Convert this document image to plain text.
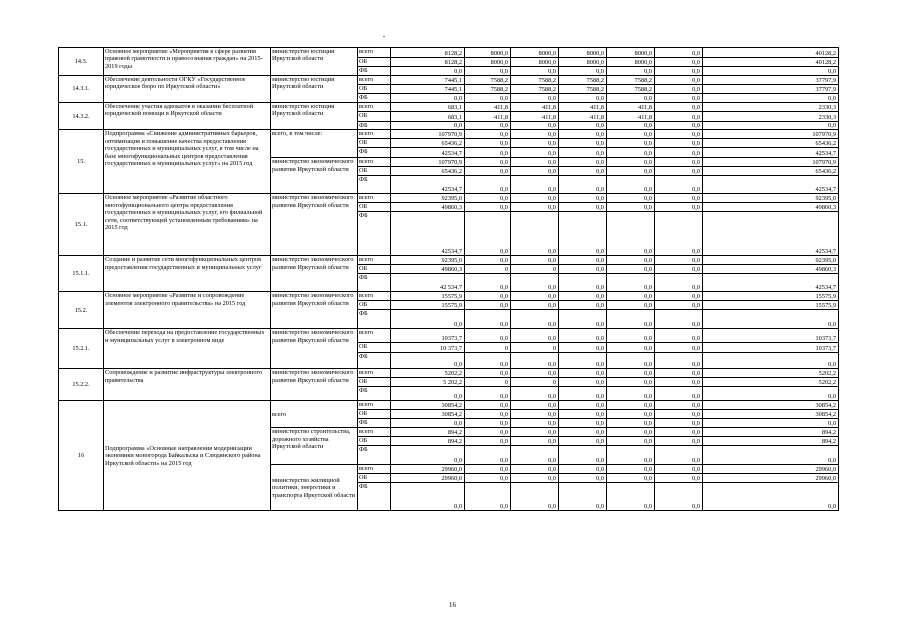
14.3.	Основное мероприятие «Мероприятия в сфере развития правовой грамотности и правосознания граждан» на 2015-2019 годы	министерство юстиции Иркутской области	всего	8128,2	8000,0	8000,0	8000,0	8000,0	0,0	40128,2
			ОБ	8128,2	8000,0	8000,0	8000,0	8000,0	0,0	40128,2
			ФБ	0,0	0,0	0,0	0,0	0,0	0,0	0,0
14.3.1.	Обеспечение деятельности ОГКУ «Государственное юридическое бюро по Иркутской области»	министерство юстиции Иркутской области	всего	7445,1	7588,2	7588,2	7588,2	7588,2	0,0	37797,9
			ОБ	7445,1	7588,2	7588,2	7588,2	7588,2	0,0	37797,9
			ФБ	0,0	0,0	0,0	0,0	0,0	0,0	0,0
14.3.2.	Обеспечение участия адвокатов в оказании бесплатной юридической помощи в Иркутской области	министерство юстиции Иркутской области	всего	683,1	411,8	411,8	411,8	411,8	0,0	2330,3
			ОБ	683,1	411,8	411,8	411,8	411,8	0,0	2330,3
			ФБ	0,0	0,0	0,0	0,0	0,0	0,0	0,0
15.	Подпрограмма «Снижение административных барьеров, оптимизация и повышение качества предоставления государственных и муниципальных услуг, в том числе на базе многофункциональных центров предоставления государственных и муниципальных услуг» на 2015 год	всего, в том числе:	всего	107970,9	0,0	0,0	0,0	0,0	0,0	107970,9
			ОБ	65436,2	0,0	0,0	0,0	0,0	0,0	65436,2
			ФБ	42534,7	0,0	0,0	0,0	0,0	0,0	42534,7
		министерство экономического развития Иркутской области	всего	107970,9	0,0	0,0	0,0	0,0	0,0	107970,9
			ОБ	65436,2	0,0	0,0	0,0	0,0	0,0	65436,2
			ФБ	42534,7	0,0	0,0	0,0	0,0	0,0	42534,7
15.1.	Основное мероприятие «Развитие областного многофункционального центра предоставления государственных и муниципальных услуг, его филиальной сети, соответствующей установленным требованиям» на 2015 год	министерство экономического развития Иркутской области	всего	92395,0	0,0	0,0	0,0	0,0	0,0	92395,0
			ОБ	49860,3	0,0	0,0	0,0	0,0	0,0	49860,3
			ФБ	42534,7	0,0	0,0	0,0	0,0	0,0	42534,7
15.1.1.	Создание и развитие сети многофункциональных центров предоставления государственных и муниципальных услуг	министерство экономического развития Иркутской области	всего	92395,0	0,0	0,0	0,0	0,0	0,0	92395,0
			ОБ	49860,3	0	0	0,0	0,0	0,0	49860,3
			ФБ	42 534,7	0,0	0,0	0,0	0,0	0,0	42534,7
15.2.	Основное мероприятие «Развитие и сопровождение элементов электронного правительства» на 2015 год	министерство экономического развития Иркутской области	всего	15575,9	0,0	0,0	0,0	0,0	0,0	15575,9
			ОБ	15575,9	0,0	0,0	0,0	0,0	0,0	15575,9
			ФБ	0,0	0,0	0,0	0,0	0,0	0,0	0,0
15.2.1.	Обеспечение перехода на предоставление государственных и муниципальных услуг в электронном виде	министерство экономического развития Иркутской области	всего	10373,7	0,0	0,0	0,0	0,0	0,0	10373,7
			ОБ	10 373,7	0	0	0,0	0,0	0,0	10373,7
			ФБ	0,0	0,0	0,0	0,0	0,0	0,0	0,0
15.2.2.	Сопровождение и развитие инфраструктуры электронного правительства	министерство экономического развития Иркутской области	всего	5202,2	0,0	0,0	0,0	0,0	0,0	5202,2
			ОБ	5 202,2	0	0	0,0	0,0	0,0	5202,2
			ФБ	0,0	0,0	0,0	0,0	0,0	0,0	0,0
16	Подпрограмма «Основные направления модернизации экономики моногорода Байкальска и Слюдянского района Иркутской области» на 2015 год	всего	всего	30854,2	0,0	0,0	0,0	0,0	0,0	30854,2
			ОБ	30854,2	0,0	0,0	0,0	0,0	0,0	30854,2
			ФБ	0,0	0,0	0,0	0,0	0,0	0,0	0,0
		министерство строительства, дорожного хозяйства Иркутской области	всего	894,2	0,0	0,0	0,0	0,0	0,0	894,2
			ОБ	894,2	0,0	0,0	0,0	0,0	0,0	894,2
			ФБ	0,0	0,0	0,0	0,0	0,0	0,0	0,0
		министерство жилищной политики, энергетики и транспорта Иркутской области	всего	29960,0	0,0	0,0	0,0	0,0	0,0	29960,0
			ОБ	29960,0	0,0	0,0	0,0	0,0	0,0	29960,0
			ФБ	0,0	0,0	0,0	0,0	0,0	0,0	0,0
16
